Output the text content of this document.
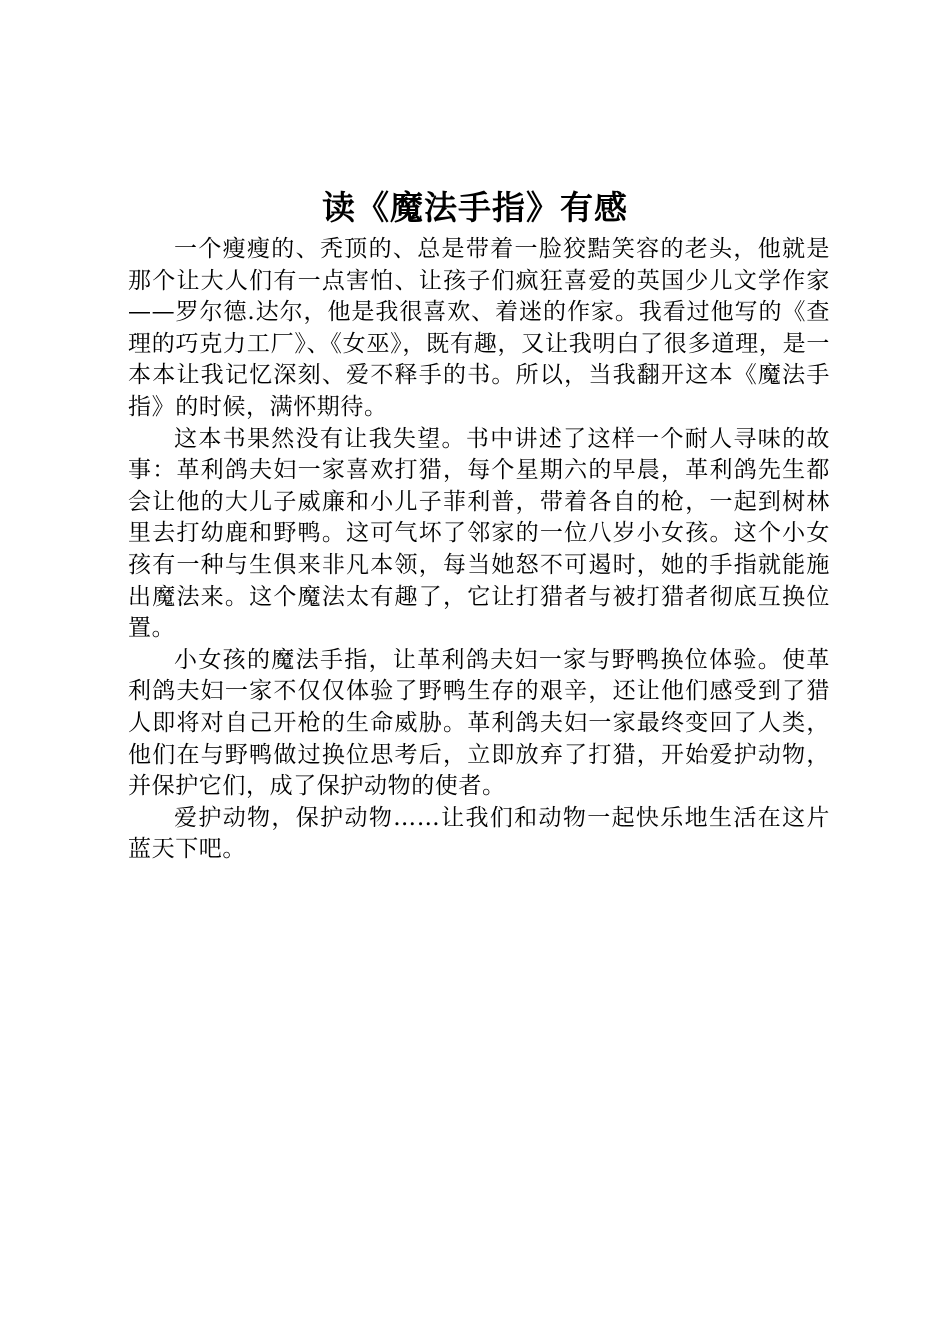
读《魔法手指》有感

一个瘦瘦的、秃顶的、总是带着一脸狡黠笑容的老头，他就是那个让大人们有一点害怕、让孩子们疯狂喜爱的英国少儿文学作家——罗尔德.达尔，他是我很喜欢、着迷的作家。我看过他写的《查理的巧克力工厂》、《女巫》，既有趣，又让我明白了很多道理，是一本本让我记忆深刻、爱不释手的书。所以，当我翻开这本《魔法手指》的时候，满怀期待。

这本书果然没有让我失望。书中讲述了这样一个耐人寻味的故事：革利鸽夫妇一家喜欢打猎，每个星期六的早晨，革利鸽先生都会让他的大儿子威廉和小儿子菲利普，带着各自的枪，一起到树林里去打幼鹿和野鸭。这可气坏了邻家的一位八岁小女孩。这个小女孩有一种与生俱来非凡本领，每当她怒不可遏时，她的手指就能施出魔法来。这个魔法太有趣了，它让打猎者与被打猎者彻底互换位置。

小女孩的魔法手指，让革利鸽夫妇一家与野鸭换位体验。使革利鸽夫妇一家不仅仅体验了野鸭生存的艰辛，还让他们感受到了猎人即将对自己开枪的生命威胁。革利鸽夫妇一家最终变回了人类，他们在与野鸭做过换位思考后，立即放弃了打猎，开始爱护动物，并保护它们，成了保护动物的使者。

爱护动物，保护动物……让我们和动物一起快乐地生活在这片蓝天下吧。
